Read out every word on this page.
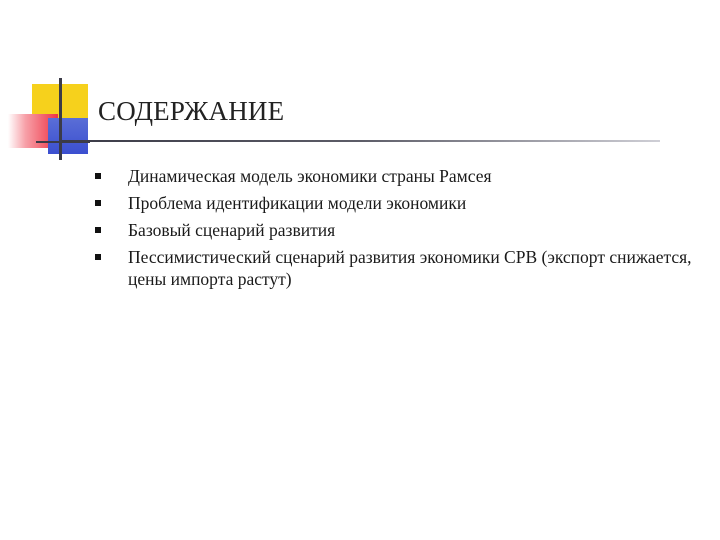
СОДЕРЖАНИЕ
Динамическая модель экономики страны Рамсея
Проблема идентификации модели экономики
Базовый сценарий развития
Пессимистический сценарий развития экономики СРВ (экспорт снижается, цены импорта растут)
